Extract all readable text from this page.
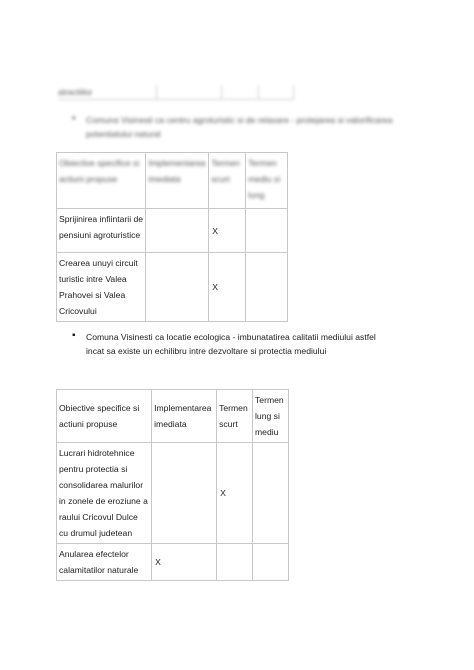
atractiilor
▪ Comuna Visinesti ca centru agroturistic si de relaxare - protejarea si valorificarea
potentialului natural
Obiective specifice si actiuni propuse	Implementarea imediata	Termen scurt	Termen mediu si lung
Sprijinirea infiintarii de pensiuni agroturistice		X	
Crearea unuyi circuit turistic intre Valea Prahovei si Valea Cricovului		X	
▪ Comuna Visinesti ca locatie ecologica - imbunatatirea calitatii mediului astfel
incat sa existe un echilibru intre dezvoltare si protectia mediului
Obiective specifice si actiuni propuse	Implementarea imediata	Termen scurt	Termen lung si mediu
Lucrari hidrotehnice pentru protectia si consolidarea malurilor in zonele de eroziune a raului Cricovul Dulce cu drumul judetean		X	
Anularea efectelor calamitatilor naturale	X		
